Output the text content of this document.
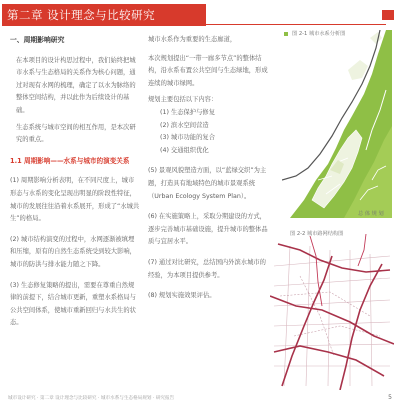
第二章 设计理念与比较研究
一、周期影响研究
在本项目的设计构思过程中，我们始终把城市水系与生态格局的关系作为核心问题，通过对现有水网的梳理，确定了以水为脉络的整体空间结构，并以此作为后续设计的基础。
生态系统与城市空间的相互作用，是本次研究的重点。
1.1 周期影响——水系与城市的演变关系
(1) 周期影响分析表明，在不同尺度上，城市形态与水系的变化呈现出明显的阶段性特征，城市的发展往往沿着水系展开，形成了“水城共生”的格局。
(2) 城市结构演变的过程中，水网逐渐被填埋和压缩，原有的自然生态系统受到较大影响，城市的防洪与排水能力随之下降。
(3) 生态修复策略的提出，需要在尊重自然规律的前提下，结合城市更新，重塑水系格局与公共空间体系，使城市重新回归与水共生的状态。
城市水系作为重要的生态廊道，
本次规划提出“一带一廊多节点”的整体结构，沿水系布置公共空间与生态绿地，形成连续的城市绿网。
规划主要包括以下内容：
(1) 生态保护与修复
(2) 滨水空间营造
(3) 城市功能的复合
(4) 交通组织优化
(5) 景观风貌塑造方面，以“蓝绿交织”为主题，打造具有地域特色的城市景观系统（Urban Ecology System Plan）。
(6) 在实施策略上，采取分期建设的方式，逐步完善城市基础设施，提升城市的整体品质与宜居水平。
(7) 通过对比研究，总结国内外滨水城市的经验，为本项目提供参考。
(8) 规划实施效果评估。
图 2-1 城市水系分析图
总 体 规 划
图 2-2 城市路网结构图
城市设计研究 · 第二章 设计理念与比较研究 · 城市水系与生态格局规划 · 研究报告	5
